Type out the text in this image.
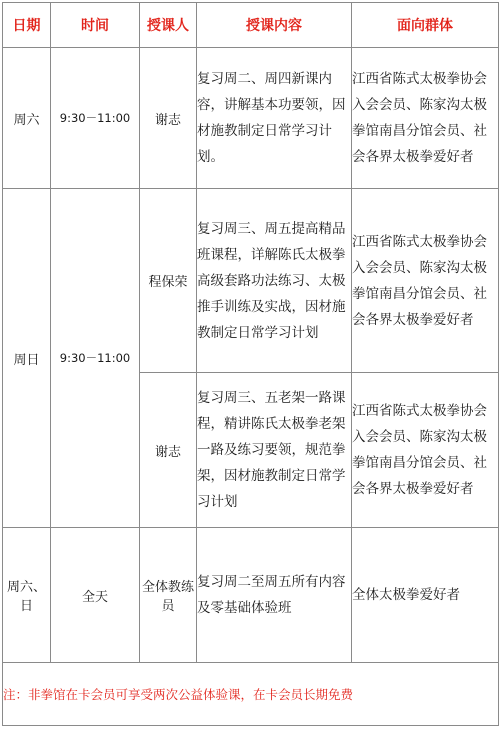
日期	时间	授课人	授课内容	面向群体
周六	9:30－11:00	谢志	复习周二、周四新课内容，讲解基本功要领，因材施教制定日常学习计划。	江西省陈式太极拳协会入会会员、陈家沟太极拳馆南昌分馆会员、社会各界太极拳爱好者
周日	9:30－11:00	程保荣	复习周三、周五提高精品班课程，详解陈氏太极拳高级套路功法练习、太极推手训练及实战，因材施教制定日常学习计划	江西省陈式太极拳协会入会会员、陈家沟太极拳馆南昌分馆会员、社会各界太极拳爱好者
		谢志	复习周三、五老架一路课程，精讲陈氏太极拳老架一路及练习要领，规范拳架，因材施教制定日常学习计划	江西省陈式太极拳协会入会会员、陈家沟太极拳馆南昌分馆会员、社会各界太极拳爱好者
周六、日	全天	全体教练员	复习周二至周五所有内容及零基础体验班	全体太极拳爱好者
注：非拳馆在卡会员可享受两次公益体验课，在卡会员长期免费				
